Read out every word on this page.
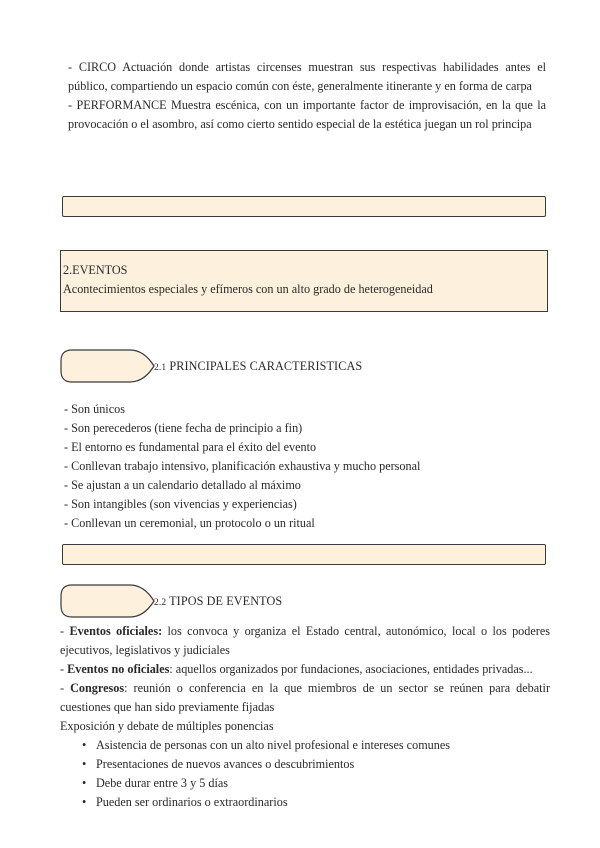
- CIRCO Actuación donde artistas circenses muestran sus respectivas habilidades antes el público, compartiendo un espacio común con éste, generalmente itinerante y en forma de carpa

- PERFORMANCE Muestra escénica, con un importante factor de improvisación, en la que la provocación o el asombro, así como cierto sentido especial de la estética juegan un rol principa

2.EVENTOS
Acontecimientos especiales y efímeros con un alto grado de heterogeneidad
2.1 PRINCIPALES CARACTERISTICAS
- Son únicos
- Son perecederos (tiene fecha de principio a fin)
- El entorno es fundamental para el éxito del evento
- Conllevan trabajo intensivo, planificación exhaustiva y mucho personal
- Se ajustan a un calendario detallado al máximo
- Son intangibles (son vivencias y experiencias)
- Conllevan un ceremonial, un protocolo o un ritual
2.2 TIPOS DE EVENTOS

- Eventos oficiales: los convoca y organiza el Estado central, autonómico, local o los poderes ejecutivos, legislativos y judiciales

- Eventos no oficiales: aquellos organizados por fundaciones, asociaciones, entidades privadas...

- Congresos: reunión o conferencia en la que miembros de un sector se reúnen para debatir cuestiones que han sido previamente fijadas

Exposición y debate de múltiples ponencias

• Asistencia de personas con un alto nivel profesional e intereses comunes
• Presentaciones de nuevos avances o descubrimientos
• Debe durar entre 3 y 5 días
• Pueden ser ordinarios o extraordinarios
